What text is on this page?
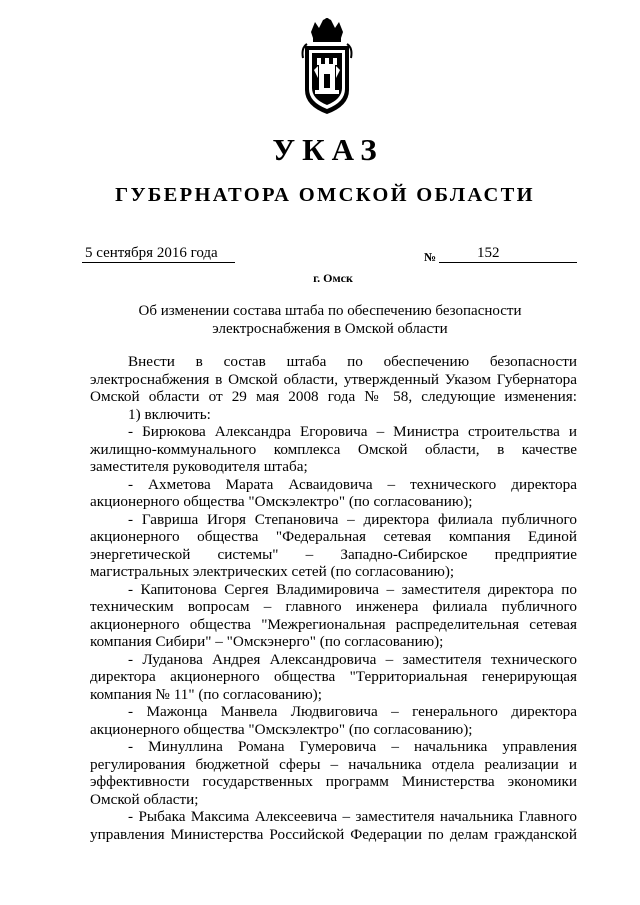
УКАЗ
ГУБЕРНАТОРА ОМСКОЙ ОБЛАСТИ
5 сентября 2016 года	№	152
г. Омск
Об изменении состава штаба по обеспечению безопасности
электроснабжения в Омской области
Внести в состав штаба по обеспечению безопасности
электроснабжения в Омской области, утвержденный Указом Губернатора
Омской области от 29 мая 2008 года № 58, следующие изменения:
1) включить:
- Бирюкова Александра Егоровича – Министра строительства и
жилищно-коммунального комплекса Омской области, в качестве
заместителя руководителя штаба;
- Ахметова Марата Асваидовича – технического директора
акционерного общества "Омскэлектро" (по согласованию);
- Гавриша Игоря Степановича – директора филиала публичного
акционерного общества "Федеральная сетевая компания Единой
энергетической системы" – Западно-Сибирское предприятие
магистральных электрических сетей (по согласованию);
- Капитонова Сергея Владимировича – заместителя директора по
техническим вопросам – главного инженера филиала публичного
акционерного общества "Межрегиональная распределительная сетевая
компания Сибири" – "Омскэнерго" (по согласованию);
- Луданова Андрея Александровича – заместителя технического
директора акционерного общества "Территориальная генерирующая
компания № 11" (по согласованию);
- Мажонца Манвела Людвиговича – генерального директора
акционерного общества "Омскэлектро" (по согласованию);
- Минуллина Романа Гумеровича – начальника управления
регулирования бюджетной сферы – начальника отдела реализации и
эффективности государственных программ Министерства экономики
Омской области;
- Рыбака Максима Алексеевича – заместителя начальника Главного
управления Министерства Российской Федерации по делам гражданской
